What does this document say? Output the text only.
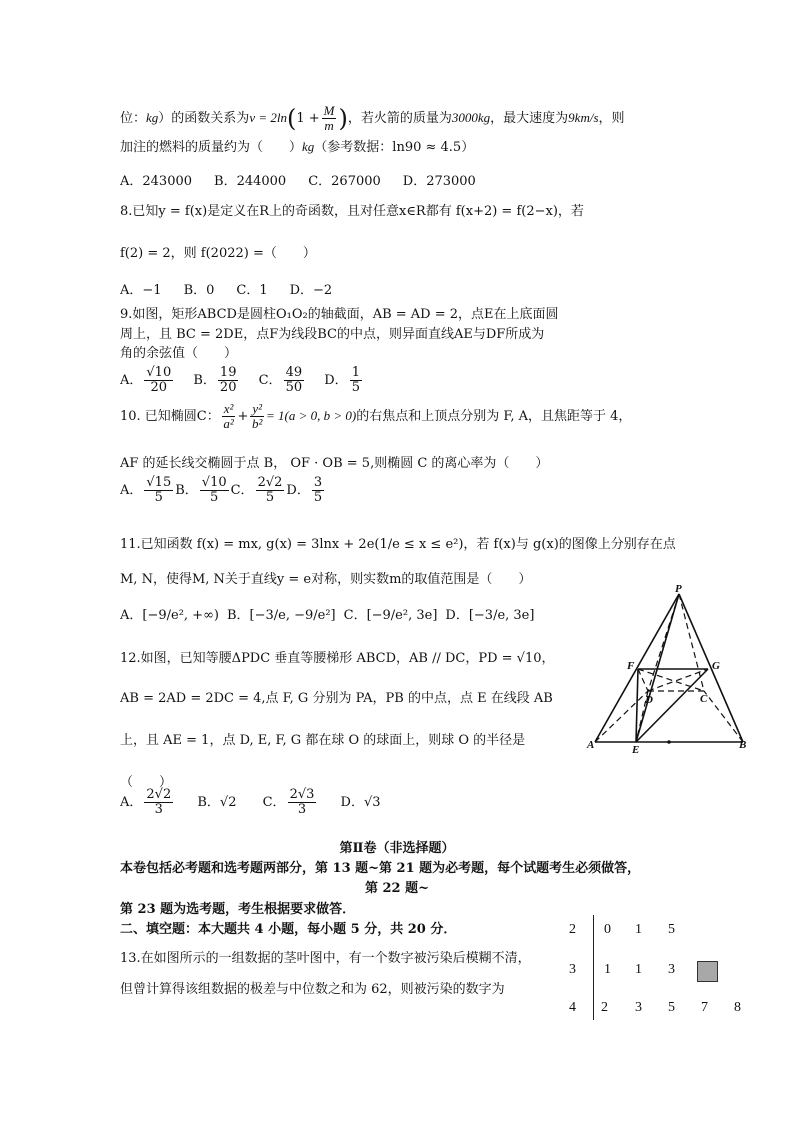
位：kg）的函数关系为$v = 2\ln(1 + \frac{M}{m}$ )，若火箭的质量为3000kg，最大速度为9km/s，则
加注的燃料的质量约为（　　）kg（参考数据：ln90 ≈ 4.5）
A．243000 B．244000 C．267000 D．273000
8.已知y = f(x)是定义在R上的奇函数，且对任意x∈R都有 f(x+2) = f(2−x)，若
f(2) = 2，则 f(2022) =（　　）
A．−1 B．0 C．1 D．−2
9.如图，矩形ABCD是圆柱O₁O₂的轴截面，AB = AD = 2，点E在上底面圆
周上，且 BC = 2DE，点F为线段BC的中点，则异面直线AE与DF所成为
角的余弦值（　　）
A． $\frac{√10}{20}$ B． $\frac{19}{20}$ C． $\frac{49}{50}$ D． $\frac{1}{5}$
10. 已知椭圆C： $\frac{\text{x²}}{\text{a²}} + \frac{\text{y²}}{\text{b²}} = 1(a > 0$, b > 0)的右焦点和上顶点分别为 F, A，且焦距等于 4，
AF 的延长线交椭圆于点 B， OF · OB = 5,则椭圆 C 的离心率为（　　）
A． $\frac{√15}{5}$ B． $\frac{√10}{5}$ C． $\frac{2√2}{5}$ D． $\frac{3}{5}$
11.已知函数 f(x) = mx, g(x) = 3lnx + 2e(1/e ≤ x ≤ e²)，若 f(x)与 g(x)的图像上分别存在点
M, N，使得M, N关于直线y = e对称，则实数m的取值范围是（　　）
A．[−9/e², +∞) B．[−3/e, −9/e²] C．[−9/e², 3e] D．[−3/e, 3e]
12.如图，已知等腰ΔPDC 垂直等腰梯形 ABCD，AB // DC，PD = √10，
AB = 2AD = 2DC = 4,点 F, G 分别为 PA，PB 的中点，点 E 在线段 AB
上，且 AE = 1，点 D, E, F, G 都在球 O 的球面上，则球 O 的半径是
（　　）
A． $\frac{2√2}{3}$ B．√2 C． $\frac{2√3}{3}$ D．√3
P
F	G
D	C
A	E	B
第Ⅱ卷（非选择题）
本卷包括必考题和选考题两部分，第 13 题~第 21 题为必考题，每个试题考生必须做答，
第 22 题~
第 23 题为选考题，考生根据要求做答．
二、填空题：本大题共 4 小题，每小题 5 分，共 20 分．
13.在如图所示的一组数据的茎叶图中，有一个数字被污染后模糊不清，
但曾计算得该组数据的极差与中位数之和为 62，则被污染的数字为
2 0 1 5
3 1 1 3
4 2 3 5 7 8
